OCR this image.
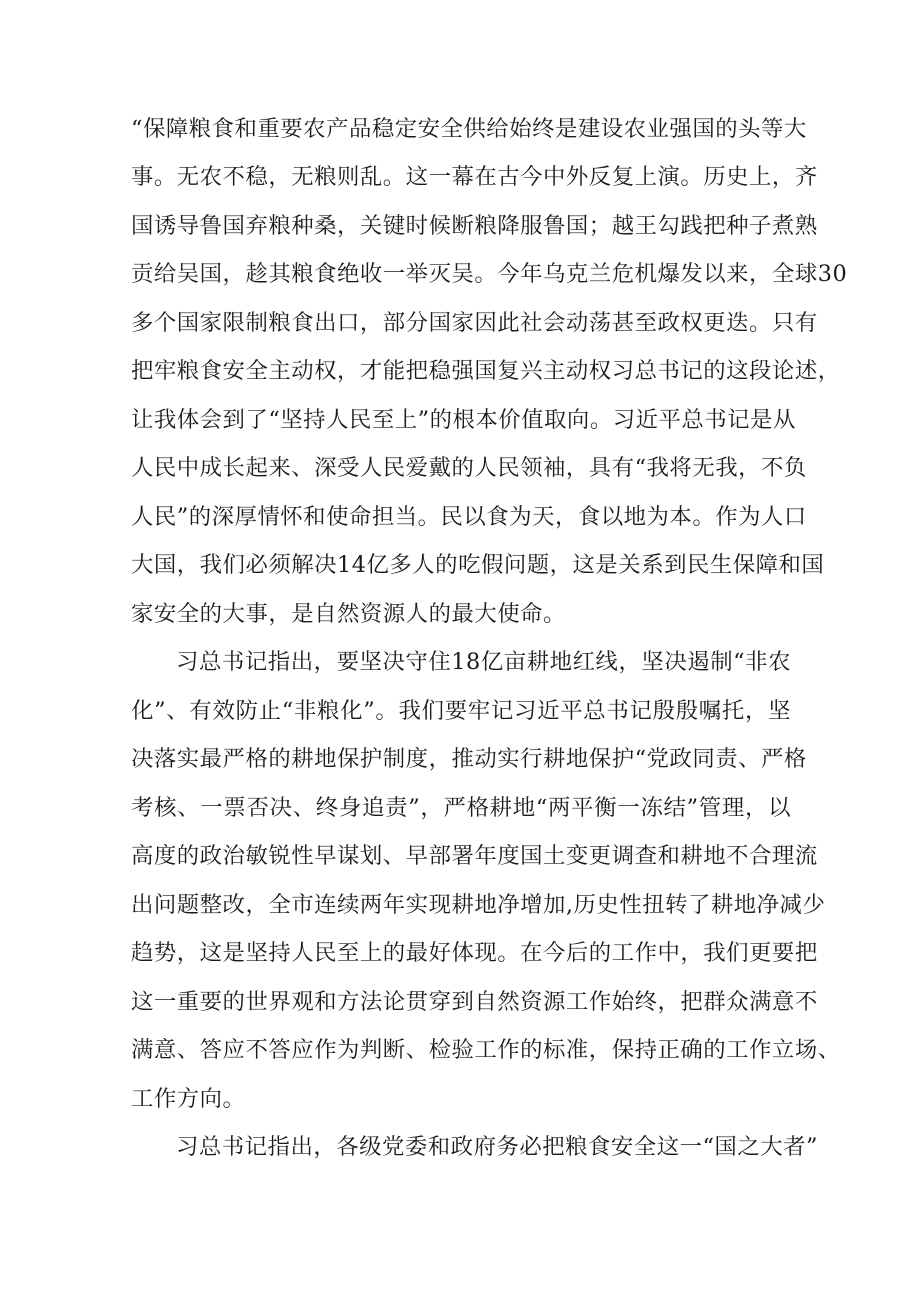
“保障粮食和重要农产品稳定安全供给始终是建设农业强国的头等大
事。无农不稳，无粮则乱。这一幕在古今中外反复上演。历史上，齐
国诱导鲁国弃粮种桑，关键时候断粮降服鲁国；越王勾践把种子煮熟
贡给吴国，趁其粮食绝收一举灭吴。今年乌克兰危机爆发以来，全球30
多个国家限制粮食出口，部分国家因此社会动荡甚至政权更迭。只有
把牢粮食安全主动权，才能把稳强国复兴主动权习总书记的这段论述，
让我体会到了“坚持人民至上”的根本价值取向。习近平总书记是从
人民中成长起来、深受人民爱戴的人民领袖，具有“我将无我，不负
人民”的深厚情怀和使命担当。民以食为天，食以地为本。作为人口
大国，我们必须解决14亿多人的吃假问题，这是关系到民生保障和国
家安全的大事，是自然资源人的最大使命。
习总书记指出，要坚决守住18亿亩耕地红线，坚决遏制“非农
化”、有效防止“非粮化”。我们要牢记习近平总书记殷殷嘱托，坚
决落实最严格的耕地保护制度，推动实行耕地保护“党政同责、严格
考核、一票否决、终身追责”，严格耕地“两平衡一冻结”管理，以
高度的政治敏锐性早谋划、早部署年度国土变更调查和耕地不合理流
出问题整改，全市连续两年实现耕地净增加,历史性扭转了耕地净减少
趋势，这是坚持人民至上的最好体现。在今后的工作中，我们更要把
这一重要的世界观和方法论贯穿到自然资源工作始终，把群众满意不
满意、答应不答应作为判断、检验工作的标准，保持正确的工作立场、
工作方向。
习总书记指出，各级党委和政府务必把粮食安全这一“国之大者”
